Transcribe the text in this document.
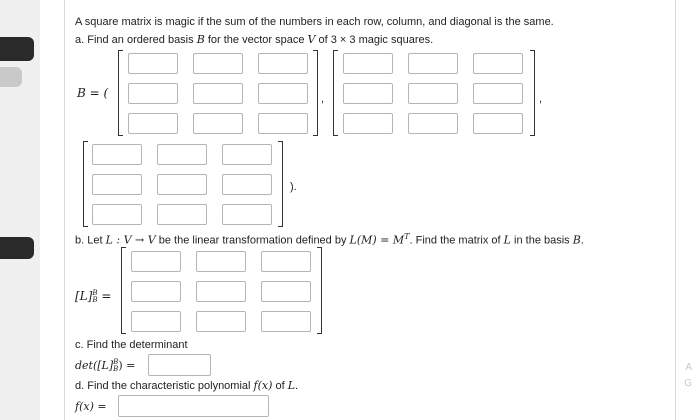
A square matrix is magic if the sum of the numbers in each row, column, and diagonal is the same.
a. Find an ordered basis B for the vector space V of 3 × 3 magic squares.
B = (	,	,
).
b. Let L : V → V be the linear transformation defined by $L(M) = M^T$. Find the matrix of L in the basis B.
[L] B
B =
c. Find the determinant
det([L] B
B ) =
d. Find the characteristic polynomial f(x) of L.
f(x) =
A
G
